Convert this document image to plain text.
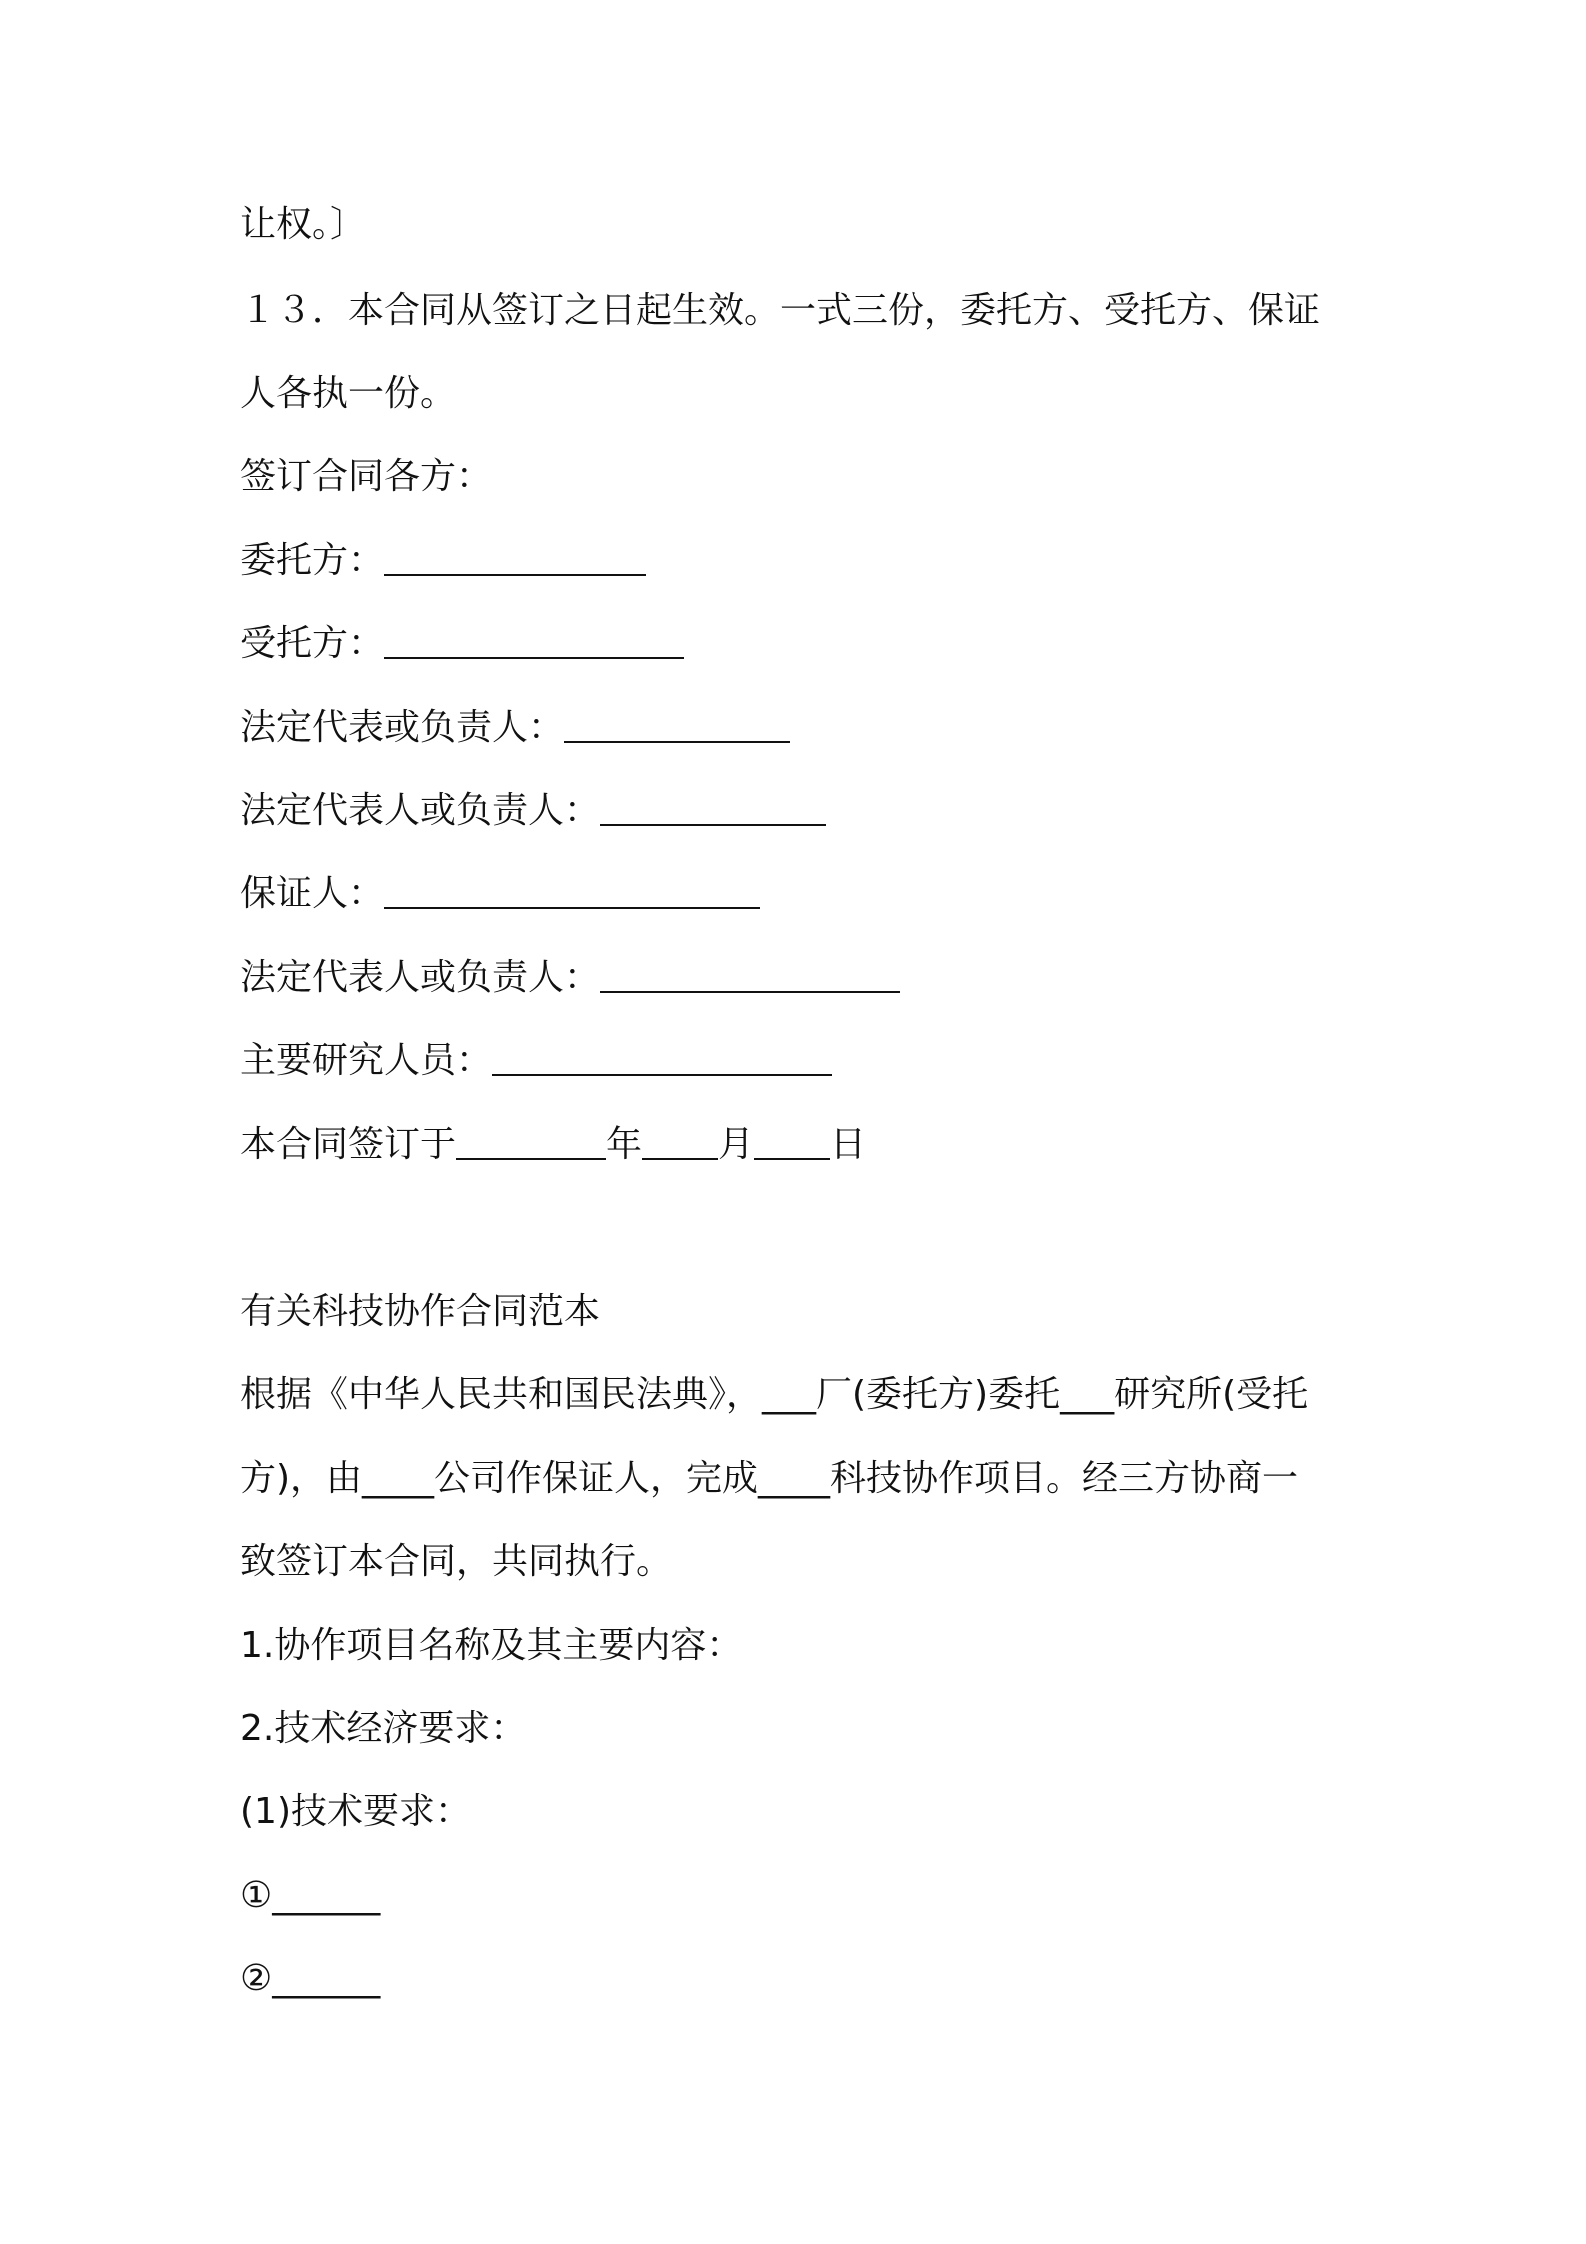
让权。〕
１３．本合同从签订之日起生效。一式三份，委托方、受托方、保证
人各执一份。
签订合同各方：
委托方：
受托方：
法定代表或负责人：
法定代表人或负责人：
保证人：
法定代表人或负责人：
主要研究人员：
本合同签订于	年 月 日
有关科技协作合同范本
根据《中华人民共和国民法典》，___厂(委托方)委托___研究所(受托
方)，由____公司作保证人，完成____科技协作项目。经三方协商一
致签订本合同，共同执行。
1.协作项目名称及其主要内容：
2.技术经济要求：
(1)技术要求：
①______
②______
